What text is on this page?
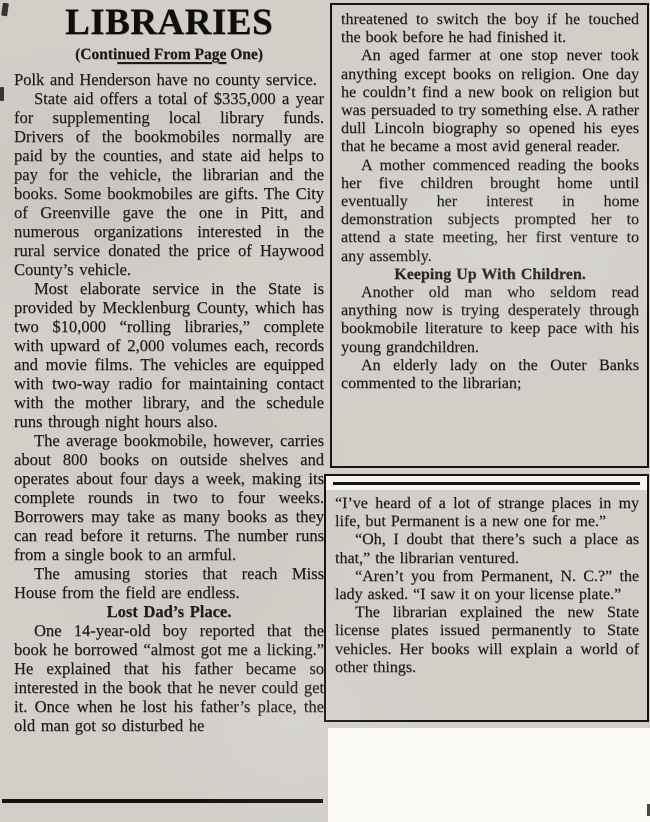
LIBRARIES
(Continued From Page One)

Polk and Henderson have no county service.

State aid offers a total of $335,000 a year for supplementing local library funds. Drivers of the bookmobiles normally are paid by the counties, and state aid helps to pay for the vehicle, the librarian and the books. Some bookmobiles are gifts. The City of Greenville gave the one in Pitt, and numerous organizations interested in the rural service donated the price of Haywood County’s vehicle.

Most elaborate service in the State is provided by Mecklenburg County, which has two $10,000 “rolling libraries,” complete with upward of 2,000 volumes each, records and movie films. The vehicles are equipped with two-way radio for maintaining contact with the mother library, and the schedule runs through night hours also.

The average bookmobile, however, carries about 800 books on outside shelves and operates about four days a week, making its complete rounds in two to four weeks. Borrowers may take as many books as they can read before it returns. The number runs from a single book to an armful.

The amusing stories that reach Miss House from the field are endless.

Lost Dad’s Place.

One 14-year-old boy reported that the book he borrowed “almost got me a licking.” He explained that his father became so interested in the book that he never could get it. Once when he lost his father’s place, the old man got so disturbed he

threatened to switch the boy if he touched the book before he had finished it.

An aged farmer at one stop never took anything except books on religion. One day he couldn’t find a new book on religion but was persuaded to try something else. A rather dull Lincoln biography so opened his eyes that he became a most avid general reader.

A mother commenced reading the books her five children brought home until eventually her interest in home demonstration subjects prompted her to attend a state meeting, her first venture to any assembly.

Keeping Up With Children.

Another old man who seldom read anything now is trying desperately through bookmobile literature to keep pace with his young grandchildren.

An elderly lady on the Outer Banks commented to the librarian;

“I’ve heard of a lot of strange places in my life, but Permanent is a new one for me.”

“Oh, I doubt that there’s such a place as that,” the librarian ventured.

“Aren’t you from Permanent, N. C.?” the lady asked. “I saw it on your license plate.”

The librarian explained the new State license plates issued permanently to State vehicles. Her books will explain a world of other things.
